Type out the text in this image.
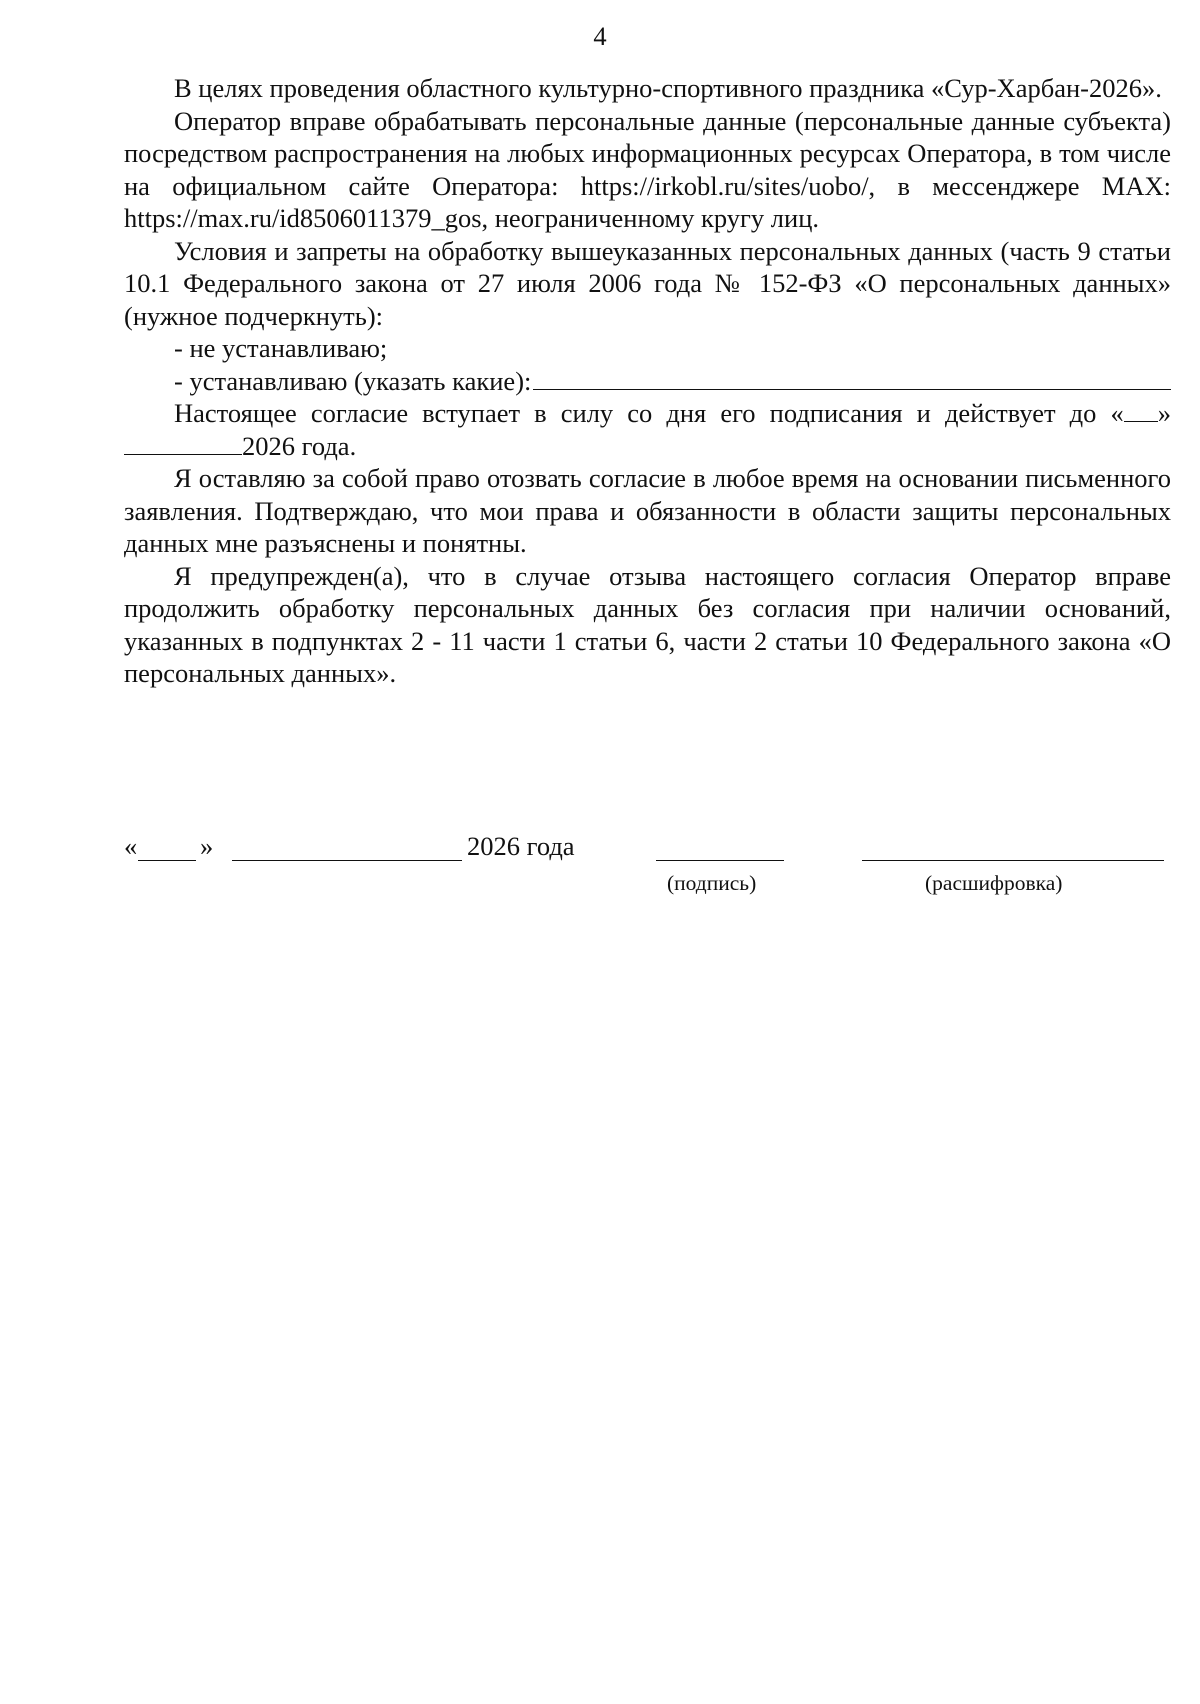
4

В целях проведения областного культурно-спортивного праздника «Сур-Харбан-2026».

Оператор вправе обрабатывать персональные данные (персональные данные субъекта) посредством распространения на любых информационных ресурсах Оператора, в том числе на официальном сайте Оператора: https://irkobl.ru/sites/uobo/, в мессенджере MAX: https://max.ru/id8506011379_gos, неограниченному кругу лиц.

Условия и запреты на обработку вышеуказанных персональных данных (часть 9 статьи 10.1 Федерального закона от 27 июля 2006 года № 152-ФЗ «О персональных данных» (нужное подчеркнуть):

- не устанавливаю;

- устанавливаю (указать какие):

Настоящее согласие вступает в силу со дня его подписания и действует до « »2026 года.

Я оставляю за собой право отозвать согласие в любое время на основании письменного заявления. Подтверждаю, что мои права и обязанности в области защиты персональных данных мне разъяснены и понятны.

Я предупрежден(а), что в случае отзыва настоящего согласия Оператор вправе продолжить обработку персональных данных без согласия при наличии оснований, указанных в подпунктах 2 - 11 части 1 статьи 6, части 2 статьи 10 Федерального закона «О персональных данных».

« »	2026 года
(подпись)	(расшифровка)
